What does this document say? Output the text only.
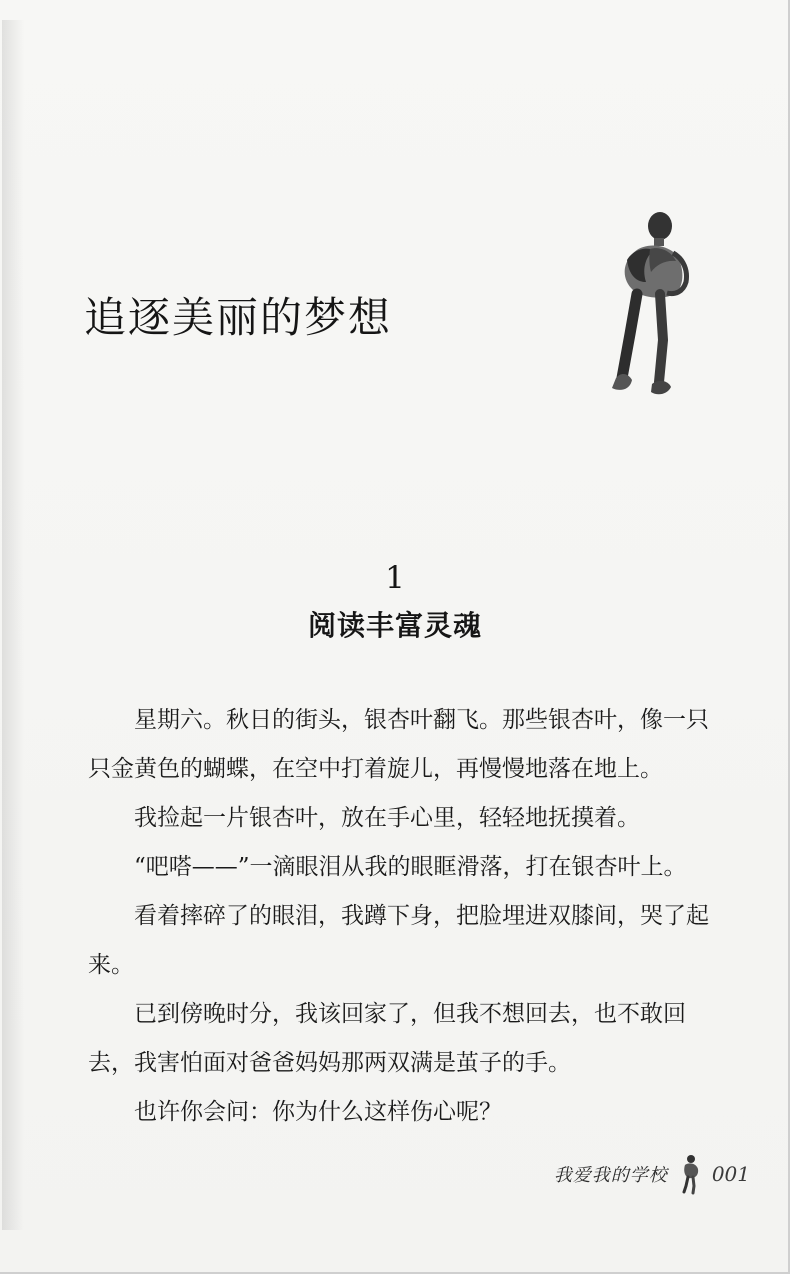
追逐美丽的梦想
1
阅读丰富灵魂

星期六。秋日的街头，银杏叶翻飞。那些银杏叶，像一只只金黄色的蝴蝶，在空中打着旋儿，再慢慢地落在地上。

我捡起一片银杏叶，放在手心里，轻轻地抚摸着。

“吧嗒——”一滴眼泪从我的眼眶滑落，打在银杏叶上。

看着摔碎了的眼泪，我蹲下身，把脸埋进双膝间，哭了起来。

已到傍晚时分，我该回家了，但我不想回去，也不敢回去，我害怕面对爸爸妈妈那两双满是茧子的手。

也许你会问：你为什么这样伤心呢？

我爱我的学校 001
